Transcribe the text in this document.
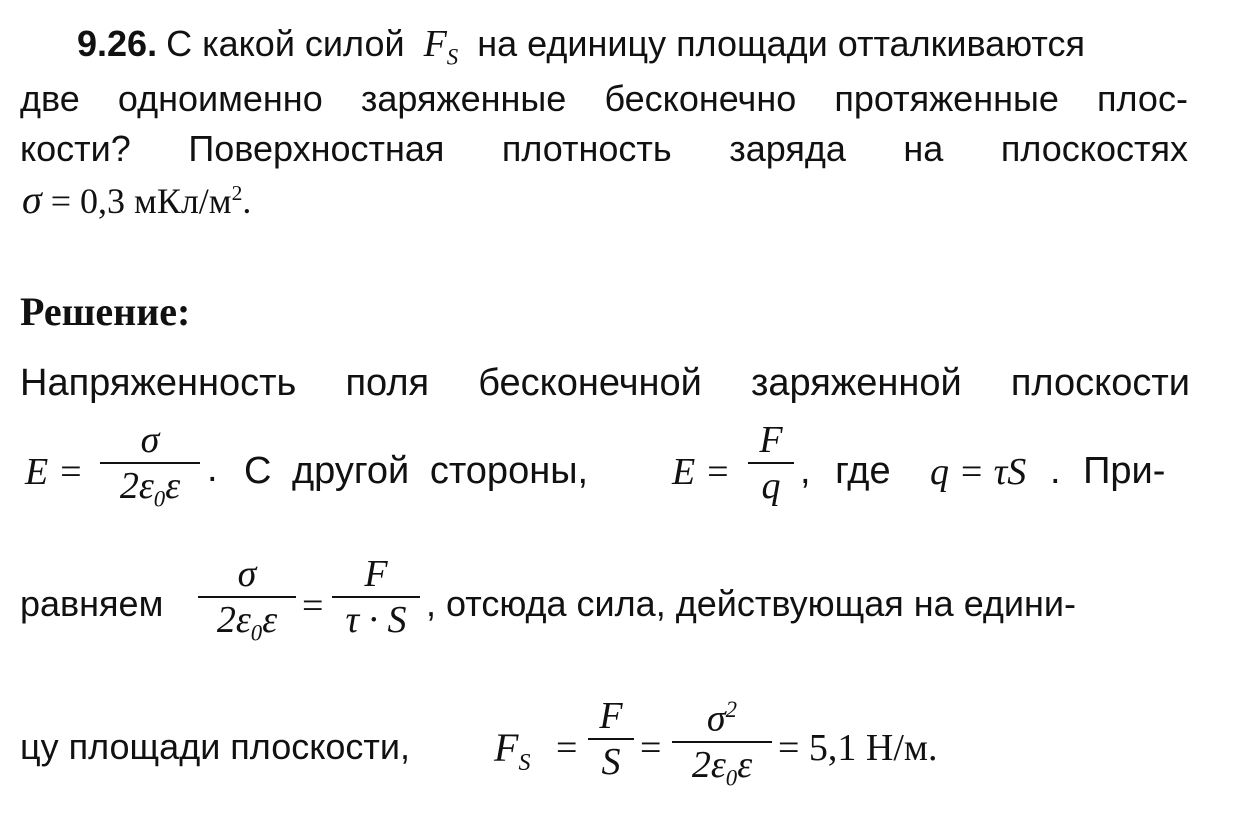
9.26. С какой силой $F_S$ на единицу площади отталкиваются
две одноименно заряженные бесконечно протяженные плос-
кости? Поверхностная плотность заряда на плоскостях
σ = 0,3 мКл/$м^2$.
Решение:
Напряженность поля бесконечной заряженной плоскости
E =
σ
$2\varepsilon_0\varepsilon$ . С другой стороны, E =
F
q , где q = τS . При-
равняем
σ
$2\varepsilon_0\varepsilon$ =
F
τ · S , отсюда сила, действующая на едини-
цу площади плоскости, $F_S$ =
F
S =
$\sigma^2$
$2\varepsilon_0\varepsilon = 5,1$ Н/м.
